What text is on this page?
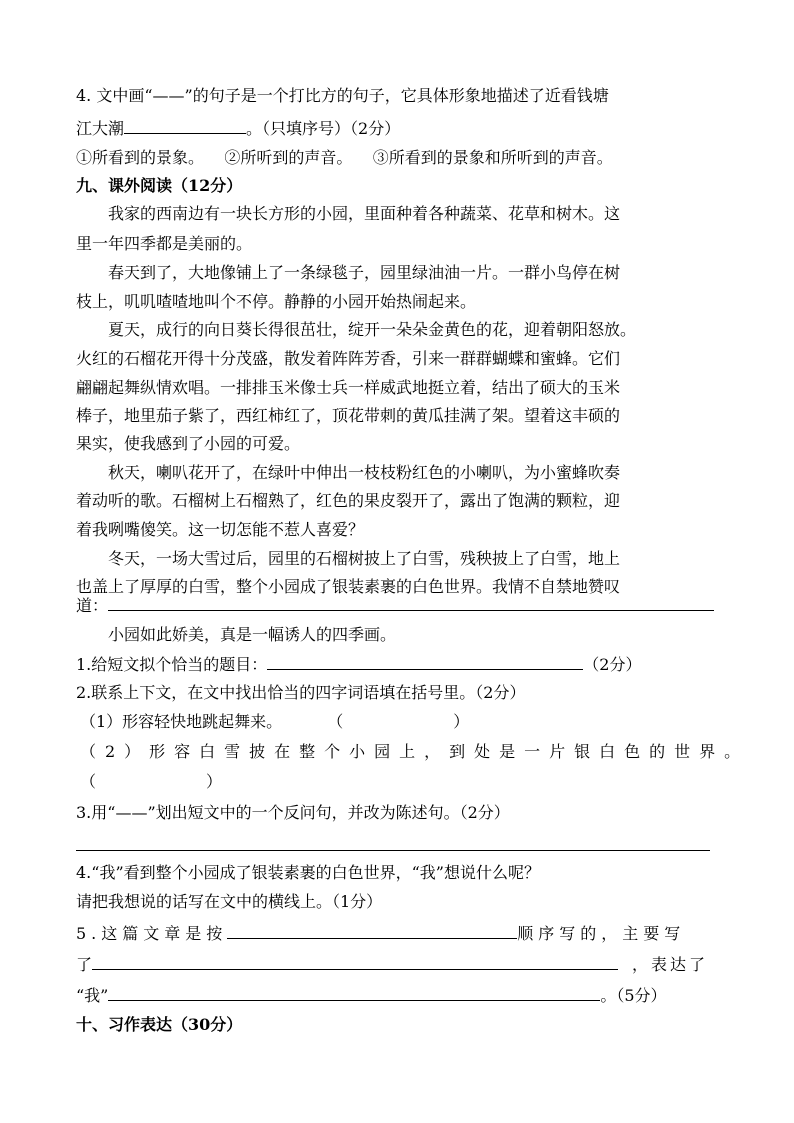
4. 文中画“——”的句子是一个打比方的句子，它具体形象地描述了近看钱塘
江大潮	。（只填序号）（2分）
①所看到的景象。    ②所听到的声音。    ③所看到的景象和所听到的声音。
九、课外阅读（12分）
我家的西南边有一块长方形的小园，里面种着各种蔬菜、花草和树木。这
里一年四季都是美丽的。
春天到了，大地像铺上了一条绿毯子，园里绿油油一片。一群小鸟停在树
枝上，叽叽喳喳地叫个不停。静静的小园开始热闹起来。
夏天，成行的向日葵长得很茁壮，绽开一朵朵金黄色的花，迎着朝阳怒放。
火红的石榴花开得十分茂盛，散发着阵阵芳香，引来一群群蝴蝶和蜜蜂。它们
翩翩起舞纵情欢唱。一排排玉米像士兵一样威武地挺立着，结出了硕大的玉米
棒子，地里茄子紫了，西红柿红了，顶花带刺的黄瓜挂满了架。望着这丰硕的
果实，使我感到了小园的可爱。
秋天，喇叭花开了，在绿叶中伸出一枝枝粉红色的小喇叭，为小蜜蜂吹奏
着动听的歌。石榴树上石榴熟了，红色的果皮裂开了，露出了饱满的颗粒，迎
着我咧嘴傻笑。这一切怎能不惹人喜爱？
冬天，一场大雪过后，园里的石榴树披上了白雪，残秧披上了白雪，地上
也盖上了厚厚的白雪，整个小园成了银装素裹的白色世界。我情不自禁地赞叹
道：
小园如此娇美，真是一幅诱人的四季画。
1.给短文拟个恰当的题目：	（2分）
2.联系上下文，在文中找出恰当的四字词语填在括号里。（2分）
（1）形容轻快地跳起舞来。	（	）
（2）形容白雪披在整个小园上，到处是一片银白色的世界。
（	）
3.用“——”划出短文中的一个反问句，并改为陈述句。（2分）
4.“我”看到整个小园成了银装素裹的白色世界，“我”想说什么呢？
请把我想说的话写在文中的横线上。（1分）
5.这篇文章是按	顺序写的，主要写
了	，表达了
“我”	。（5分）
十、习作表达（30分）
